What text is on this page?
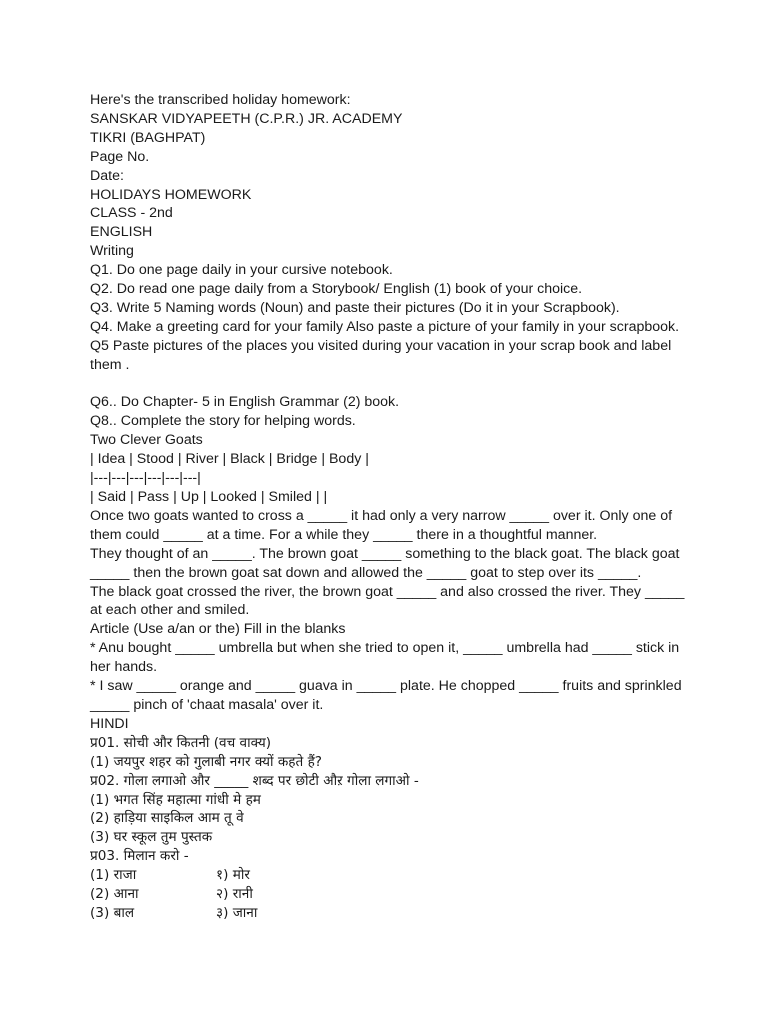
Here's the transcribed holiday homework:

SANSKAR VIDYAPEETH (C.P.R.) JR. ACADEMY

TIKRI (BAGHPAT)

Page No.

Date:

HOLIDAYS HOMEWORK

CLASS - 2nd

ENGLISH

Writing

Q1. Do one page daily in your cursive notebook.

Q2. Do read one page daily from a Storybook/ English (1) book of your choice.

Q3. Write 5 Naming words (Noun) and paste their pictures (Do it in your Scrapbook).

Q4. Make a greeting card for your family Also paste a picture of your family in your scrapbook.

Q5 Paste pictures of the places you visited during your vacation in your scrap book and label them .

Q6.. Do Chapter- 5 in English Grammar (2) book.

Q8.. Complete the story for helping words.

Two Clever Goats

| Idea | Stood | River | Black | Bridge | Body |

|---|---|---|---|---|---|

| Said | Pass | Up | Looked | Smiled | |

Once two goats wanted to cross a _____ it had only a very narrow _____ over it. Only one of them could _____ at a time. For a while they _____ there in a thoughtful manner.

They thought of an _____. The brown goat _____ something to the black goat. The black goat _____ then the brown goat sat down and allowed the _____ goat to step over its _____.

The black goat crossed the river, the brown goat _____ and also crossed the river. They _____ at each other and smiled.

Article (Use a/an or the) Fill in the blanks

* Anu bought _____ umbrella but when she tried to open it, _____ umbrella had _____ stick in her hands.

* I saw _____ orange and _____ guava in _____ plate. He chopped _____ fruits and sprinkled _____ pinch of 'chaat masala' over it.

HINDI

प्र01. सोची और कितनी (वच वाक्य)

(1) जयपुर शहर को गुलाबी नगर क्यों कहते हैं?

प्र02. गोला लगाओ और _____ शब्द पर छोटी औऱ गोला लगाओ -

(1) भगत सिंह महात्मा गांधी मे हम

(2) हाड़िया साइकिल आम तू वे

(3) घर स्कूल तुम पुस्तक

प्र03. मिलान करो -

(1) राजा	१) मोर
(2) आना	२) रानी
(3) बाल	३) जाना
